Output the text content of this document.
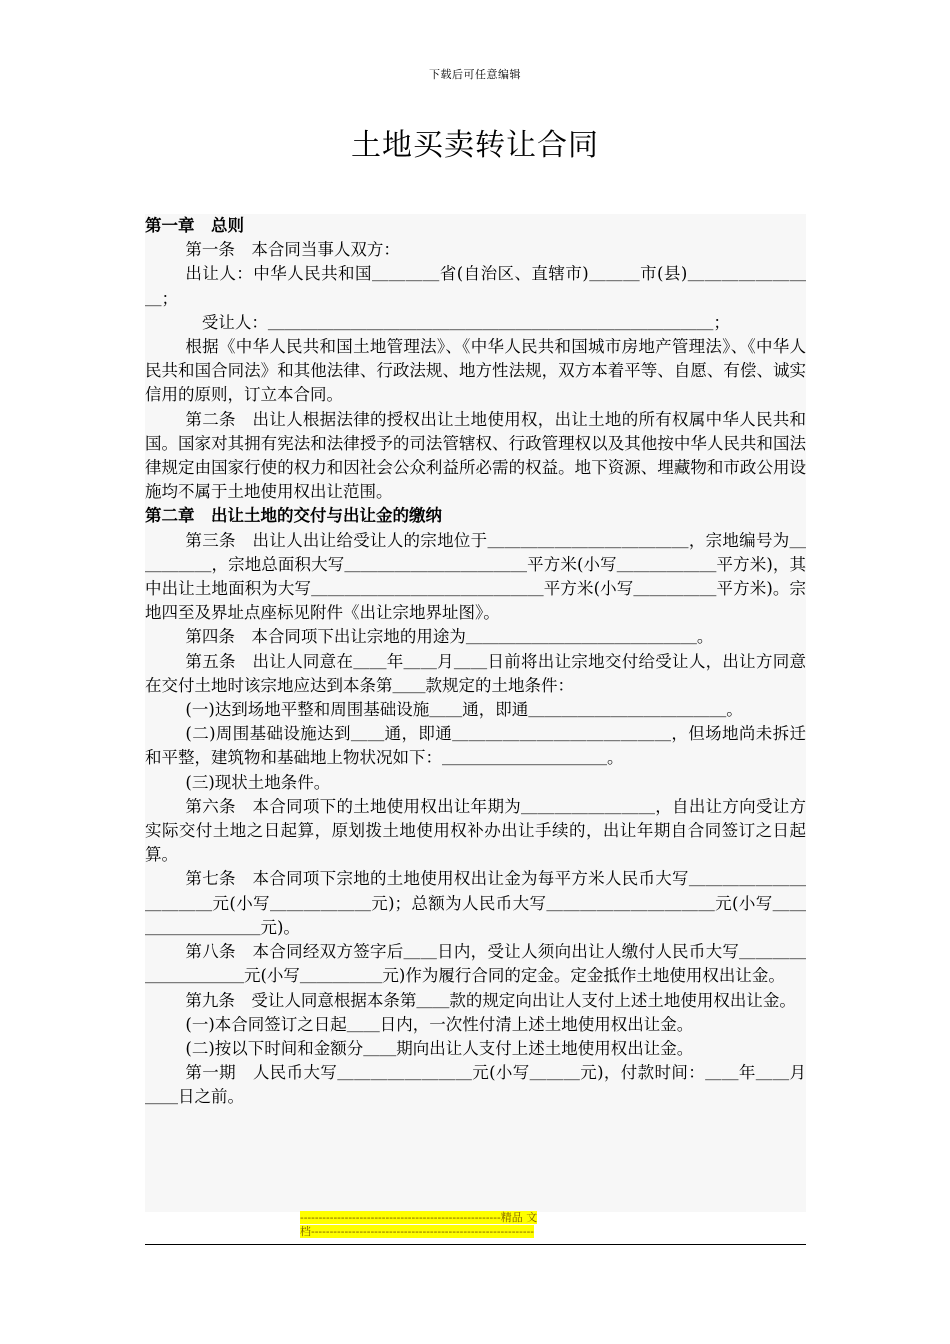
下载后可任意编辑
土地买卖转让合同

第一章　总则

第一条　本合同当事人双方：

出让人：中华人民共和国＿＿＿＿省(自治区、直辖市)＿＿＿市(县)＿＿＿＿＿＿＿＿；

　受让人：＿＿＿＿＿＿＿＿＿＿＿＿＿＿＿＿＿＿＿＿＿＿＿＿＿＿＿；

根据《中华人民共和国土地管理法》、《中华人民共和国城市房地产管理法》、《中华人民共和国合同法》和其他法律、行政法规、地方性法规，双方本着平等、自愿、有偿、诚实信用的原则，订立本合同。

第二条　出让人根据法律的授权出让土地使用权，出让土地的所有权属中华人民共和国。国家对其拥有宪法和法律授予的司法管辖权、行政管理权以及其他按中华人民共和国法律规定由国家行使的权力和因社会公众利益所必需的权益。地下资源、埋藏物和市政公用设施均不属于土地使用权出让范围。

第二章　出让土地的交付与出让金的缴纳

第三条　出让人出让给受让人的宗地位于＿＿＿＿＿＿＿＿＿＿＿＿，宗地编号为＿＿＿＿＿，宗地总面积大写＿＿＿＿＿＿＿＿＿＿＿平方米(小写＿＿＿＿＿＿平方米)，其中出让土地面积为大写＿＿＿＿＿＿＿＿＿＿＿＿＿＿平方米(小写＿＿＿＿＿平方米)。宗地四至及界址点座标见附件《出让宗地界址图》。

第四条　本合同项下出让宗地的用途为＿＿＿＿＿＿＿＿＿＿＿＿＿＿。

第五条　出让人同意在＿＿年＿＿月＿＿日前将出让宗地交付给受让人，出让方同意在交付土地时该宗地应达到本条第＿＿款规定的土地条件：

(一)达到场地平整和周围基础设施＿＿通，即通＿＿＿＿＿＿＿＿＿＿＿＿。

(二)周围基础设施达到＿＿通，即通＿＿＿＿＿＿＿＿＿＿＿＿＿，但场地尚未拆迁和平整，建筑物和基础地上物状况如下：＿＿＿＿＿＿＿＿＿＿。

(三)现状土地条件。

第六条　本合同项下的土地使用权出让年期为＿＿＿＿＿＿＿＿，自出让方向受让方实际交付土地之日起算，原划拨土地使用权补办出让手续的，出让年期自合同签订之日起算。

第七条　本合同项下宗地的土地使用权出让金为每平方米人民币大写＿＿＿＿＿＿＿＿＿＿＿元(小写＿＿＿＿＿＿元)；总额为人民币大写＿＿＿＿＿＿＿＿＿＿元(小写＿＿＿＿＿＿＿＿＿元)。

第八条　本合同经双方签字后＿＿日内，受让人须向出让人缴付人民币大写＿＿＿＿＿＿＿＿＿＿元(小写＿＿＿＿＿元)作为履行合同的定金。定金抵作土地使用权出让金。

第九条　受让人同意根据本条第＿＿款的规定向出让人支付上述土地使用权出让金。

(一)本合同签订之日起＿＿日内，一次性付清上述土地使用权出让金。

(二)按以下时间和金额分＿＿期向出让人支付上述土地使用权出让金。

第一期　人民币大写＿＿＿＿＿＿＿＿元(小写＿＿＿元)，付款时间：＿＿年＿＿月＿＿日之前。

------------------------------------------------------精品 文
档------------------------------------------------------------
